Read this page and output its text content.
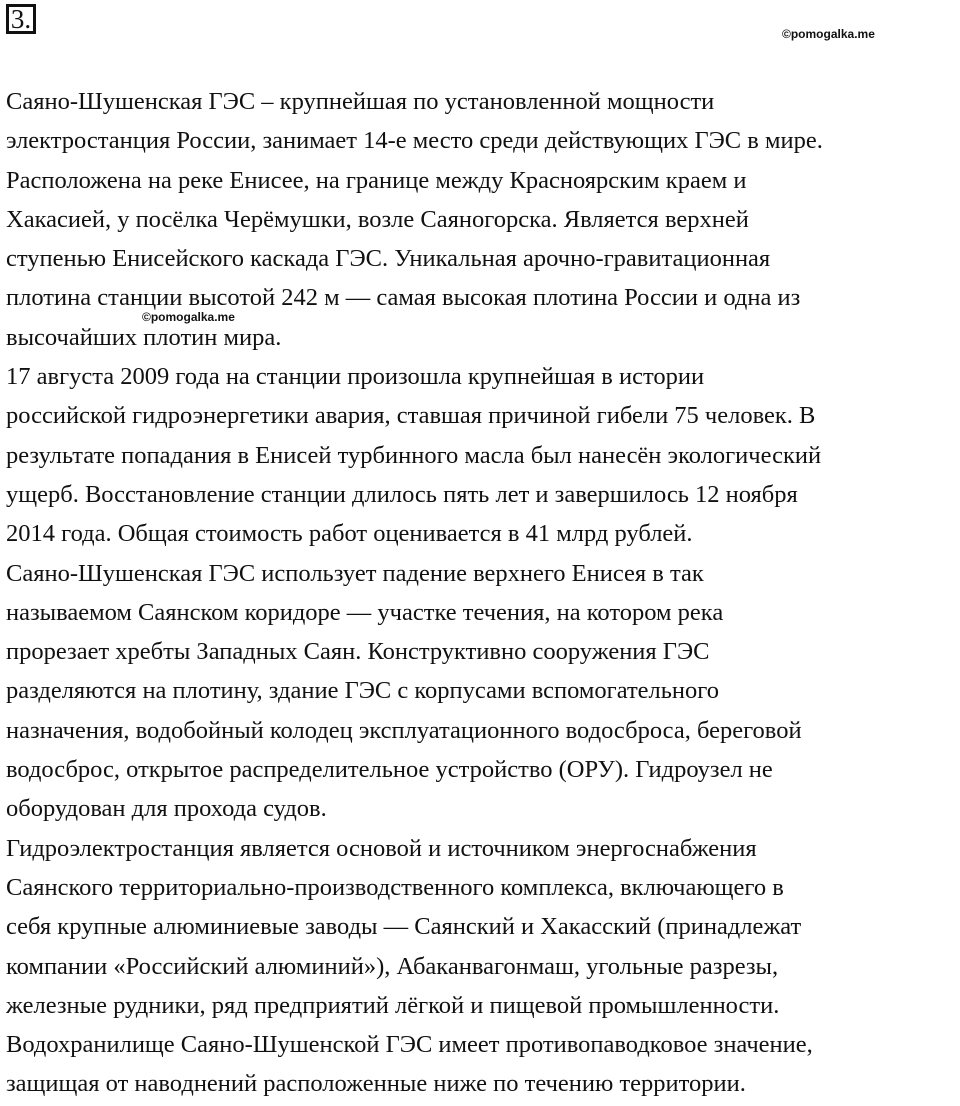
3.	©pomogalka.me
©pomogalka.me

Саяно-Шушенская ГЭС – крупнейшая по установленной мощности
электростанция России, занимает 14-е место среди действующих ГЭС в мире.
Расположена на реке Енисее, на границе между Красноярским краем и
Хакасией, у посёлка Черёмушки, возле Саяногорска. Является верхней
ступенью Енисейского каскада ГЭС. Уникальная арочно-гравитационная
плотина станции высотой 242 м — самая высокая плотина России и одна из
высочайших плотин мира.

17 августа 2009 года на станции произошла крупнейшая в истории
российской гидроэнергетики авария, ставшая причиной гибели 75 человек. В
результате попадания в Енисей турбинного масла был нанесён экологический
ущерб. Восстановление станции длилось пять лет и завершилось 12 ноября
2014 года. Общая стоимость работ оценивается в 41 млрд рублей.

Саяно-Шушенская ГЭС использует падение верхнего Енисея в так
называемом Саянском коридоре — участке течения, на котором река
прорезает хребты Западных Саян. Конструктивно сооружения ГЭС
разделяются на плотину, здание ГЭС с корпусами вспомогательного
назначения, водобойный колодец эксплуатационного водосброса, береговой
водосброс, открытое распределительное устройство (ОРУ). Гидроузел не
оборудован для прохода судов.

Гидроэлектростанция является основой и источником энергоснабжения
Саянского территориально-производственного комплекса, включающего в
себя крупные алюминиевые заводы — Саянский и Хакасский (принадлежат
компании «Российский алюминий»), Абаканвагонмаш, угольные разрезы,
железные рудники, ряд предприятий лёгкой и пищевой промышленности.
Водохранилище Саяно-Шушенской ГЭС имеет противопаводковое значение,
защищая от наводнений расположенные ниже по течению территории.
